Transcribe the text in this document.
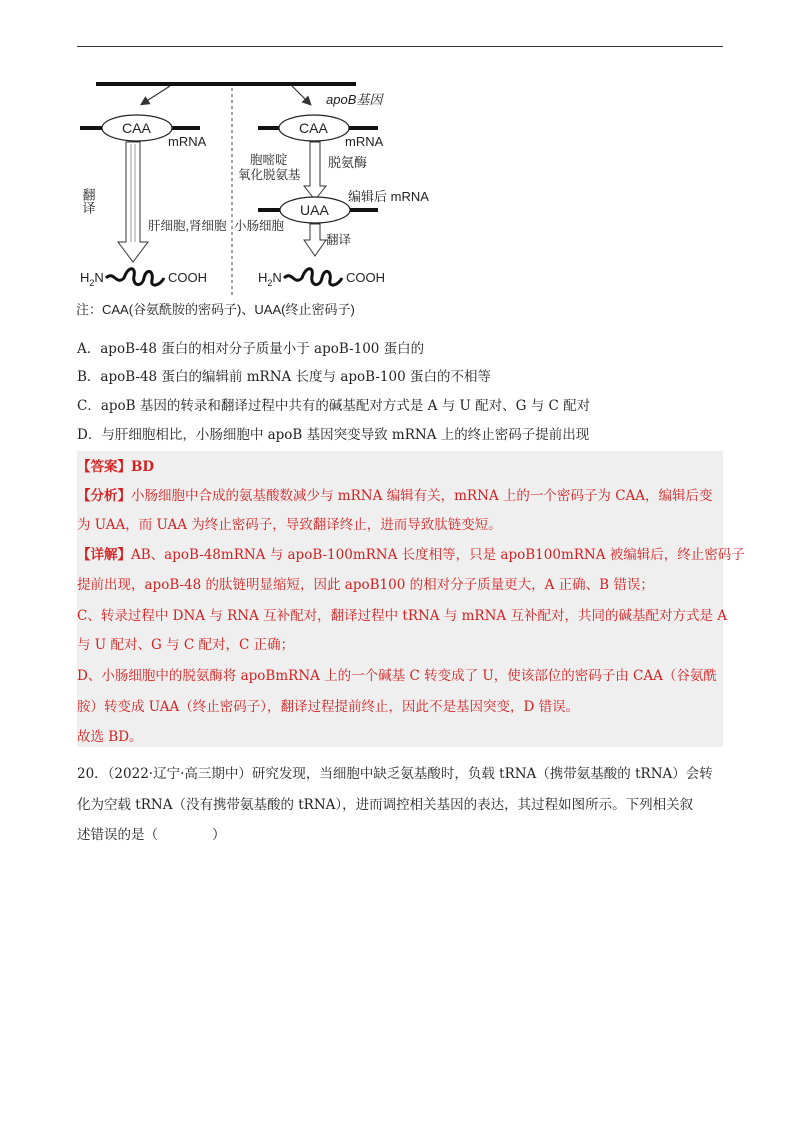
apoB基因
CAA
mRNA
CAA
mRNA
翻译
肝细胞,肾细胞
胞嘧啶
氧化脱氨基
脱氨酶
编辑后 mRNA
UAA
小肠细胞
翻译
$H_2N$	COOH	$H_2N$	COOH
注：CAA(谷氨酰胺的密码子)、UAA(终止密码子)
A．apoB-48 蛋白的相对分子质量小于 apoB-100 蛋白的
B．apoB-48 蛋白的编辑前 mRNA 长度与 apoB-100 蛋白的不相等
C．apoB 基因的转录和翻译过程中共有的碱基配对方式是 A 与 U 配对、G 与 C 配对
D．与肝细胞相比，小肠细胞中 apoB 基因突变导致 mRNA 上的终止密码子提前出现
【答案】BD
【分析】小肠细胞中合成的氨基酸数减少与 mRNA 编辑有关，mRNA 上的一个密码子为 CAA，编辑后变
为 UAA，而 UAA 为终止密码子，导致翻译终止，进而导致肽链变短。
【详解】AB、apoB-48mRNA 与 apoB-100mRNA 长度相等，只是 apoB100mRNA 被编辑后，终止密码子
提前出现，apoB-48 的肽链明显缩短，因此 apoB100 的相对分子质量更大，A 正确、B 错误；
C、转录过程中 DNA 与 RNA 互补配对，翻译过程中 tRNA 与 mRNA 互补配对，共同的碱基配对方式是 A
与 U 配对、G 与 C 配对，C 正确；
D、小肠细胞中的脱氨酶将 apoBmRNA 上的一个碱基 C 转变成了 U，使该部位的密码子由 CAA（谷氨酰
胺）转变成 UAA（终止密码子），翻译过程提前终止，因此不是基因突变，D 错误。
故选 BD。
20．（2022·辽宁·高三期中）研究发现，当细胞中缺乏氨基酸时，负载 tRNA（携带氨基酸的 tRNA）会转
化为空载 tRNA（没有携带氨基酸的 tRNA），进而调控相关基因的表达，其过程如图所示。下列相关叙
述错误的是（　　　　）
